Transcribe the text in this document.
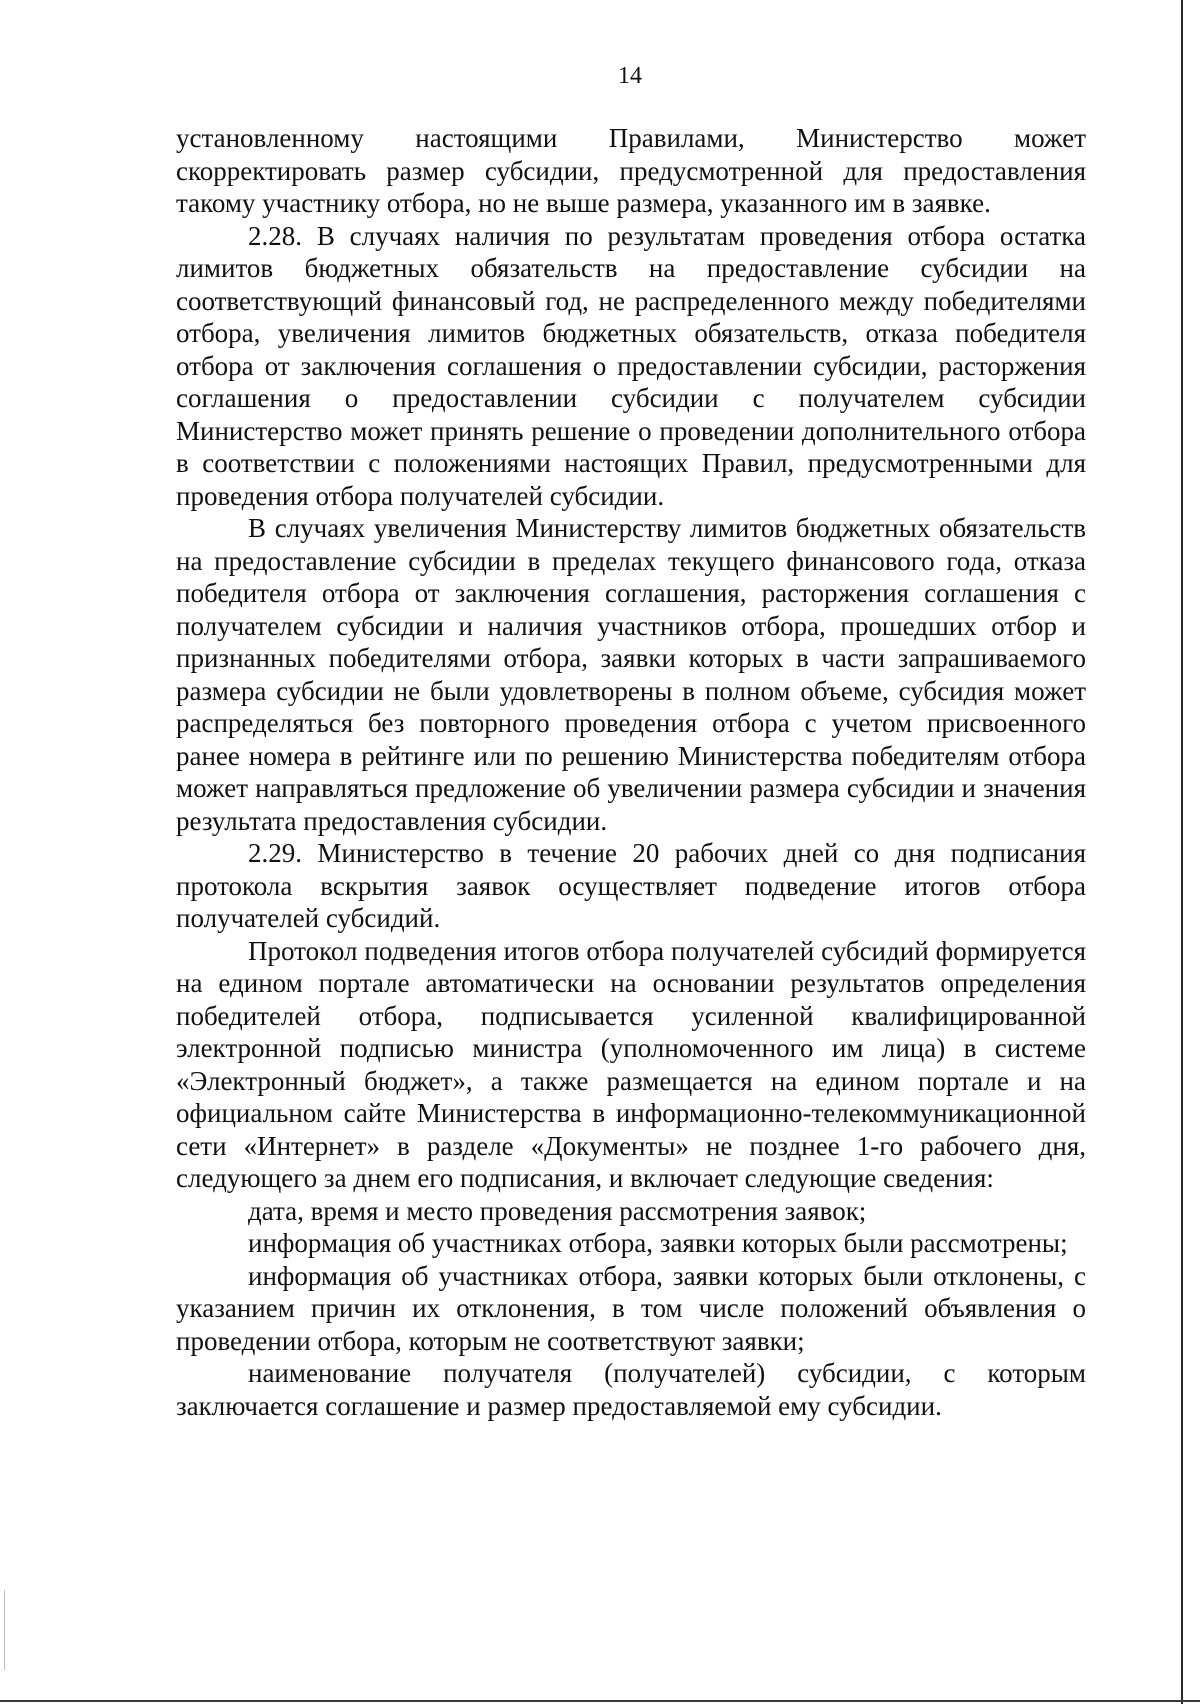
14

установленному настоящими Правилами, Министерство может скорректировать размер субсидии, предусмотренной для предоставления такому участнику отбора, но не выше размера, указанного им в заявке.

2.28. В случаях наличия по результатам проведения отбора остатка лимитов бюджетных обязательств на предоставление субсидии на соответствующий финансовый год, не распределенного между победителями отбора, увеличения лимитов бюджетных обязательств, отказа победителя отбора от заключения соглашения о предоставлении субсидии, расторжения соглашения о предоставлении субсидии с получателем субсидии Министерство может принять решение о проведении дополнительного отбора в соответствии с положениями настоящих Правил, предусмотренными для проведения отбора получателей субсидии.

В случаях увеличения Министерству лимитов бюджетных обязательств на предоставление субсидии в пределах текущего финансового года, отказа победителя отбора от заключения соглашения, расторжения соглашения с получателем субсидии и наличия участников отбора, прошедших отбор и признанных победителями отбора, заявки которых в части запрашиваемого размера субсидии не были удовлетворены в полном объеме, субсидия может распределяться без повторного проведения отбора с учетом присвоенного ранее номера в рейтинге или по решению Министерства победителям отбора может направляться предложение об увеличении размера субсидии и значения результата предоставления субсидии.

2.29. Министерство в течение 20 рабочих дней со дня подписания протокола вскрытия заявок осуществляет подведение итогов отбора получателей субсидий.

Протокол подведения итогов отбора получателей субсидий формируется на едином портале автоматически на основании результатов определения победителей отбора, подписывается усиленной квалифицированной электронной подписью министра (уполномоченного им лица) в системе «Электронный бюджет», а также размещается на едином портале и на официальном сайте Министерства в информационно-телекоммуникационной сети «Интернет» в разделе «Документы» не позднее 1-го рабочего дня, следующего за днем его подписания, и включает следующие сведения:

дата, время и место проведения рассмотрения заявок;

информация об участниках отбора, заявки которых были рассмотрены;

информация об участниках отбора, заявки которых были отклонены, с указанием причин их отклонения, в том числе положений объявления о проведении отбора, которым не соответствуют заявки;

наименование получателя (получателей) субсидии, с которым заключается соглашение и размер предоставляемой ему субсидии.
